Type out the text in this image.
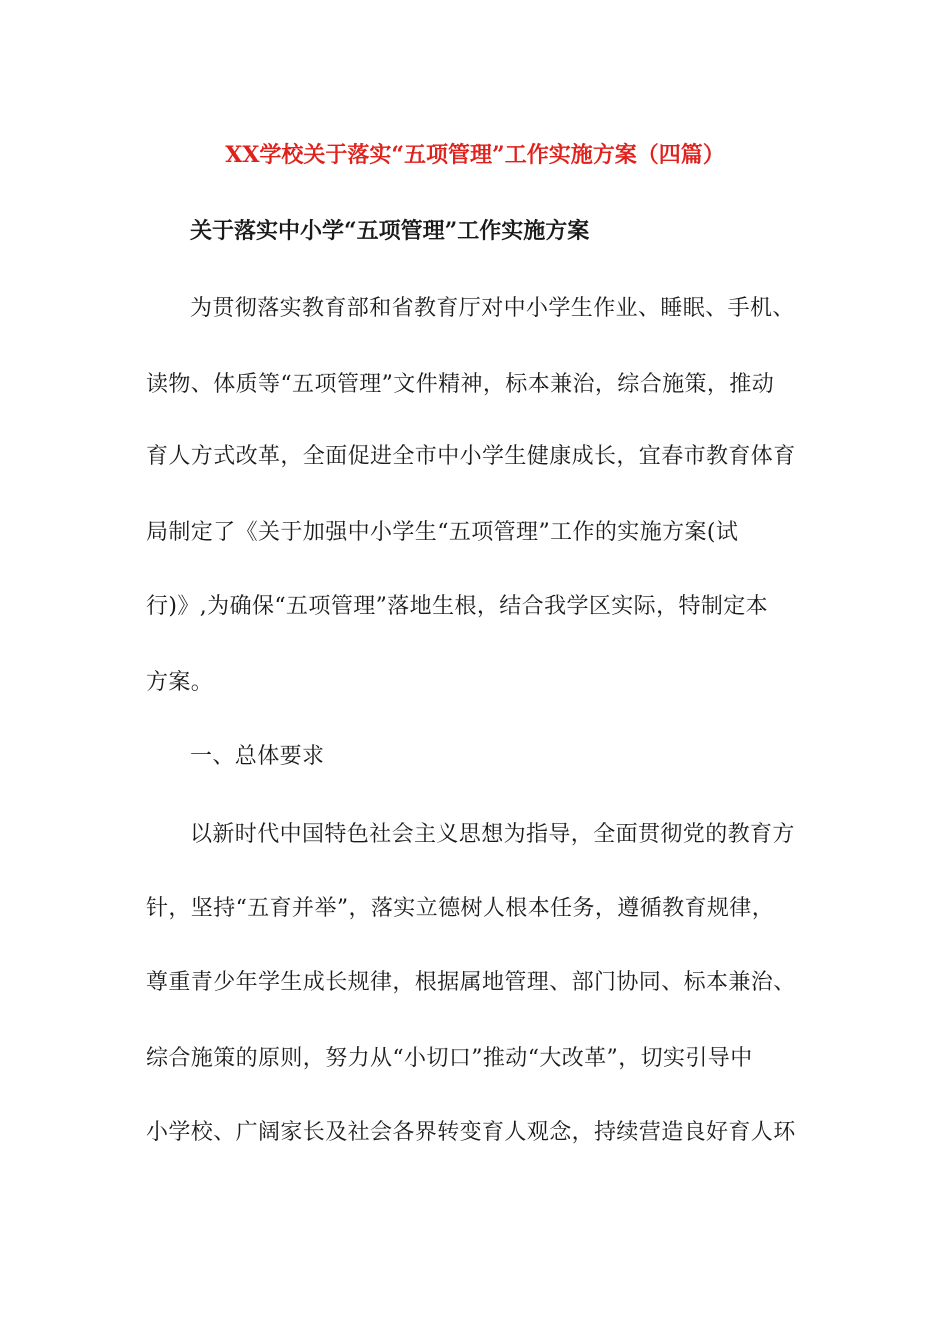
XX学校关于落实“五项管理”工作实施方案（四篇）
关于落实中小学“五项管理”工作实施方案
为贯彻落实教育部和省教育厅对中小学生作业、睡眠、手机、
读物、体质等“五项管理”文件精神，标本兼治，综合施策，推动
育人方式改革，全面促进全市中小学生健康成长，宜春市教育体育
局制定了《关于加强中小学生“五项管理”工作的实施方案(试
行)》,为确保“五项管理”落地生根，结合我学区实际，特制定本
方案。
一、总体要求
以新时代中国特色社会主义思想为指导，全面贯彻党的教育方
针，坚持“五育并举”，落实立德树人根本任务，遵循教育规律，
尊重青少年学生成长规律，根据属地管理、部门协同、标本兼治、
综合施策的原则，努力从“小切口”推动“大改革”，切实引导中
小学校、广阔家长及社会各界转变育人观念，持续营造良好育人环
